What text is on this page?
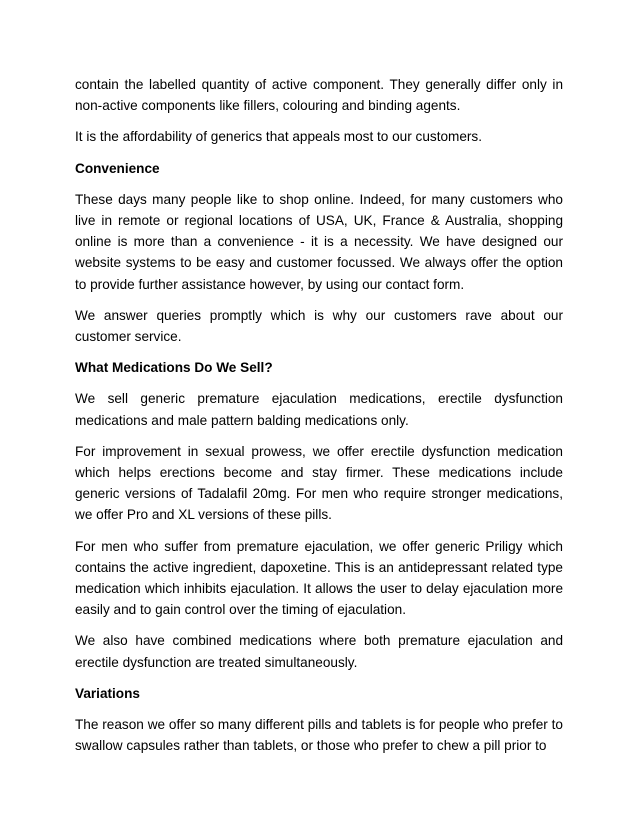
contain the labelled quantity of active component. They generally differ only in non-active components like fillers, colouring and binding agents.

It is the affordability of generics that appeals most to our customers.

Convenience

These days many people like to shop online. Indeed, for many customers who live in remote or regional locations of USA, UK, France & Australia, shopping online is more than a convenience - it is a necessity. We have designed our website systems to be easy and customer focussed. We always offer the option to provide further assistance however, by using our contact form.

We answer queries promptly which is why our customers rave about our customer service.

What Medications Do We Sell?

We sell generic premature ejaculation medications, erectile dysfunction medications and male pattern balding medications only.

For improvement in sexual prowess, we offer erectile dysfunction medication which helps erections become and stay firmer. These medications include generic versions of Tadalafil 20mg. For men who require stronger medications, we offer Pro and XL versions of these pills.

For men who suffer from premature ejaculation, we offer generic Priligy which contains the active ingredient, dapoxetine. This is an antidepressant related type medication which inhibits ejaculation. It allows the user to delay ejaculation more easily and to gain control over the timing of ejaculation.

We also have combined medications where both premature ejaculation and erectile dysfunction are treated simultaneously.

Variations

The reason we offer so many different pills and tablets is for people who prefer to swallow capsules rather than tablets, or those who prefer to chew a pill prior to
